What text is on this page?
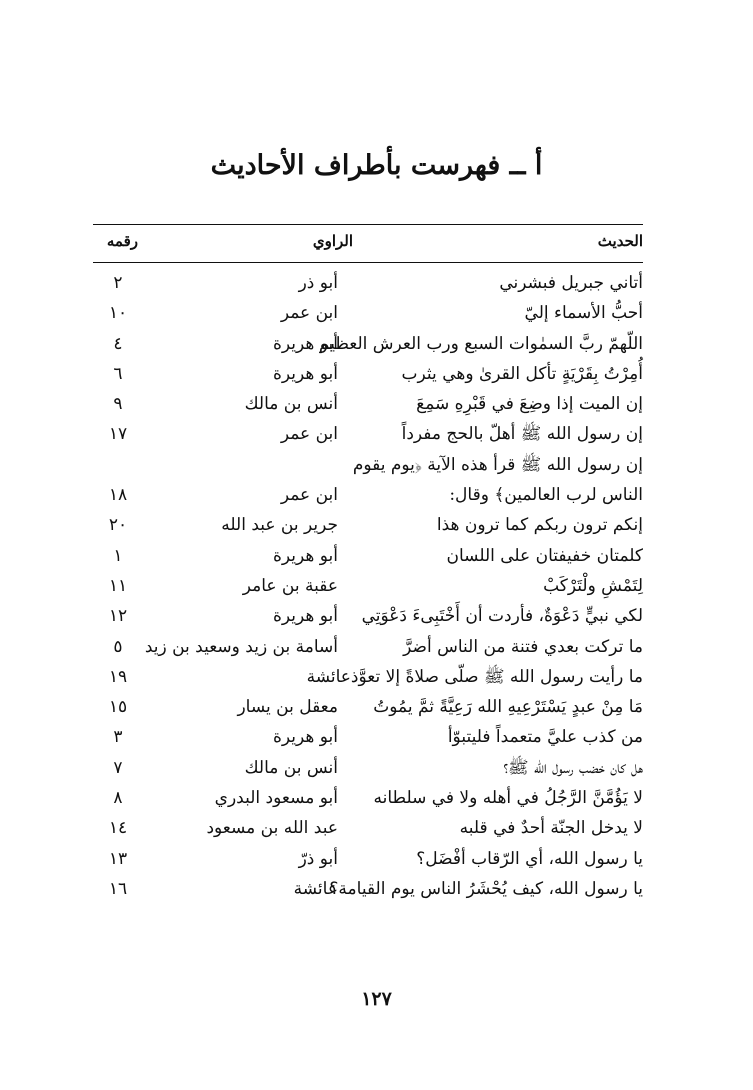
أ ــ فهرست بأطراف الأحاديث
الحديث
الراوي
رقمه
أتاني جبريل فبشرني
أبو ذر
٢
أحبُّ الأسماء إليّ
ابن عمر
١٠
اللّهمّ ربَّ السمٰوات السبع ورب العرش العظيم
أبو هريرة
٤
أُمِرْتُ بِقَرْيَةٍ تأكل القرىٰ وهي يثرب
أبو هريرة
٦
إن الميت إذا وضِعَ في قَبْرِهِ سَمِعَ
أنس بن مالك
٩
إن رسول الله ﷺ أهلّ بالحج مفرداً
ابن عمر
١٧
إن رسول الله ﷺ قرأ هذه الآية ﴿يوم يقوم
الناس لرب العالمين﴾ وقال:
ابن عمر
١٨
إنكم ترون ربكم كما ترون هذا
جرير بن عبد الله
٢٠
كلمتان خفيفتان على اللسان
أبو هريرة
١
لِتَمْشِ ولْتَرْكَبْ
عقبة بن عامر
١١
لكي نبيٍّ دَعْوَةٌ، فأردت أن أَخْتَبِىءَ دَعْوَتِي
أبو هريرة
١٢
ما تركت بعدي فتنة من الناس أضرَّ
أسامة بن زيد وسعيد بن زيد
٥
ما رأيت رسول الله ﷺ صلّى صلاةً إلا تعوَّذعائشة
١٩
مَا مِنْ عبدٍ يَسْتَرْعِيهِ الله رَعِيَّةً ثمَّ يمُوتُ
معقل بن يسار
١٥
من كذب عليَّ متعمداً فليتبوّأ
أبو هريرة
٣
هل كان خضب رسول الله ﷺ؟
أنس بن مالك
٧
لا يَؤُمَّنَّ الرَّجُلُ في أهله ولا في سلطانه
أبو مسعود البدري
٨
لا يدخل الجنّة أحدٌ في قلبه
عبد الله بن مسعود
١٤
يا رسول الله، أي الرّقاب أفْضَل؟
أبو ذرّ
١٣
يا رسول الله، كيف يُحْشَرُ الناس يوم القيامة؟
عائشة
١٦
١٢٧
